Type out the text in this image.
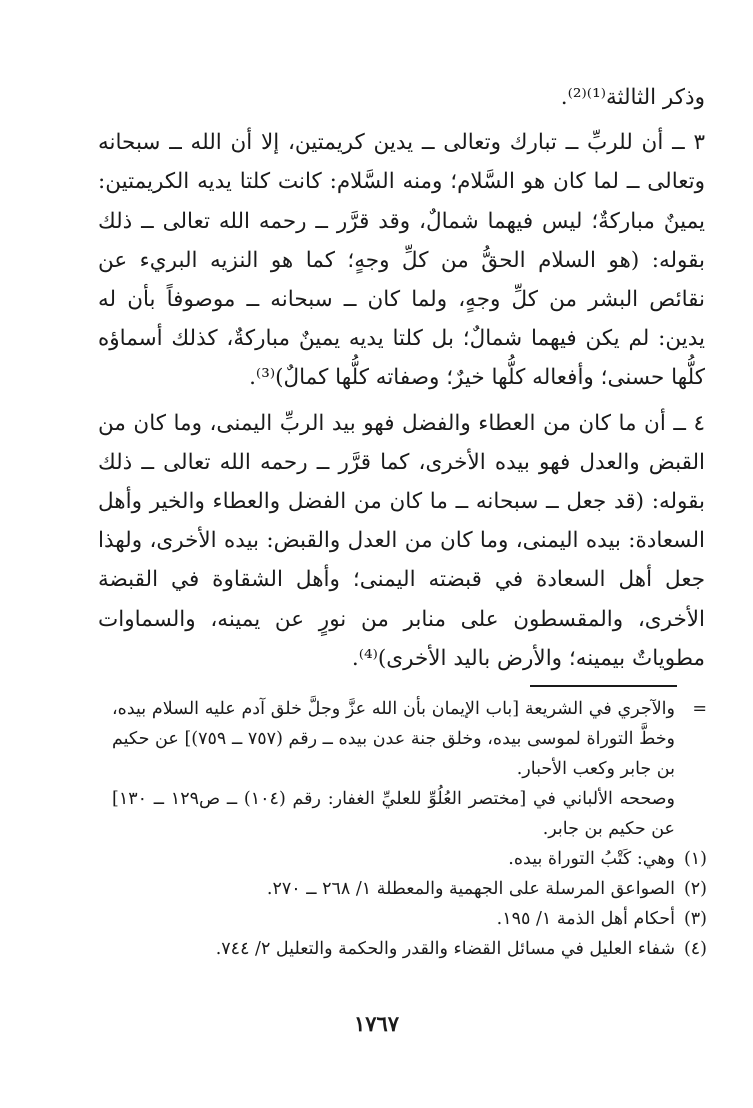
وذكر الثالثة⁽¹⁾⁽²⁾.

٣ ــ أن للربِّ ــ تبارك وتعالى ــ يدين كريمتين، إلا أن الله ــ سبحانه وتعالى ــ لما كان هو السَّلام؛ ومنه السَّلام: كانت كلتا يديه الكريمتين: يمينٌ مباركةٌ؛ ليس فيهما شمالٌ، وقد قرَّر ــ رحمه الله تعالى ــ ذلك بقوله: (هو السلام الحقُّ من كلِّ وجهٍ؛ كما هو النزيه البريء عن نقائص البشر من كلِّ وجهٍ، ولما كان ــ سبحانه ــ موصوفاً بأن له يدين: لم يكن فيهما شمالٌ؛ بل كلتا يديه يمينٌ مباركةٌ، كذلك أسماؤه كلُّها حسنى؛ وأفعاله كلُّها خيرٌ؛ وصفاته كلُّها كمالٌ)⁽³⁾.

٤ ــ أن ما كان من العطاء والفضل فهو بيد الربِّ اليمنى، وما كان من القبض والعدل فهو بيده الأخرى، كما قرَّر ــ رحمه الله تعالى ــ ذلك بقوله: (قد جعل ــ سبحانه ــ ما كان من الفضل والعطاء والخير وأهل السعادة: بيده اليمنى، وما كان من العدل والقبض: بيده الأخرى، ولهذا جعل أهل السعادة في قبضته اليمنى؛ وأهل الشقاوة في القبضة الأخرى، والمقسطون على منابر من نورٍ عن يمينه، والسماوات مطوياتٌ بيمينه؛ والأرض باليد الأخرى)⁽⁴⁾.

=
والآجري في الشريعة [باب الإيمان بأن الله عزَّ وجلَّ خلق آدم عليه السلام بيده، وخطَّ التوراة لموسى بيده، وخلق جنة عدن بيده ــ رقم (٧٥٧ ــ ٧٥٩)] عن حكيم بن جابر وكعب الأحبار.

وصححه الألباني في [مختصر العُلُوِّ للعليِّ الغفار: رقم (١٠٤) ــ ص١٢٩ ــ ١٣٠] عن حكيم بن جابر.

(١)
وهي: كَتْبُ التوراة بيده.

(٢)
الصواعق المرسلة على الجهمية والمعطلة ١/ ٢٦٨ ــ ٢٧٠.

(٣)
أحكام أهل الذمة ١/ ١٩٥.

(٤)
شفاء العليل في مسائل القضاء والقدر والحكمة والتعليل ٢/ ٧٤٤.

١٧٦٧
